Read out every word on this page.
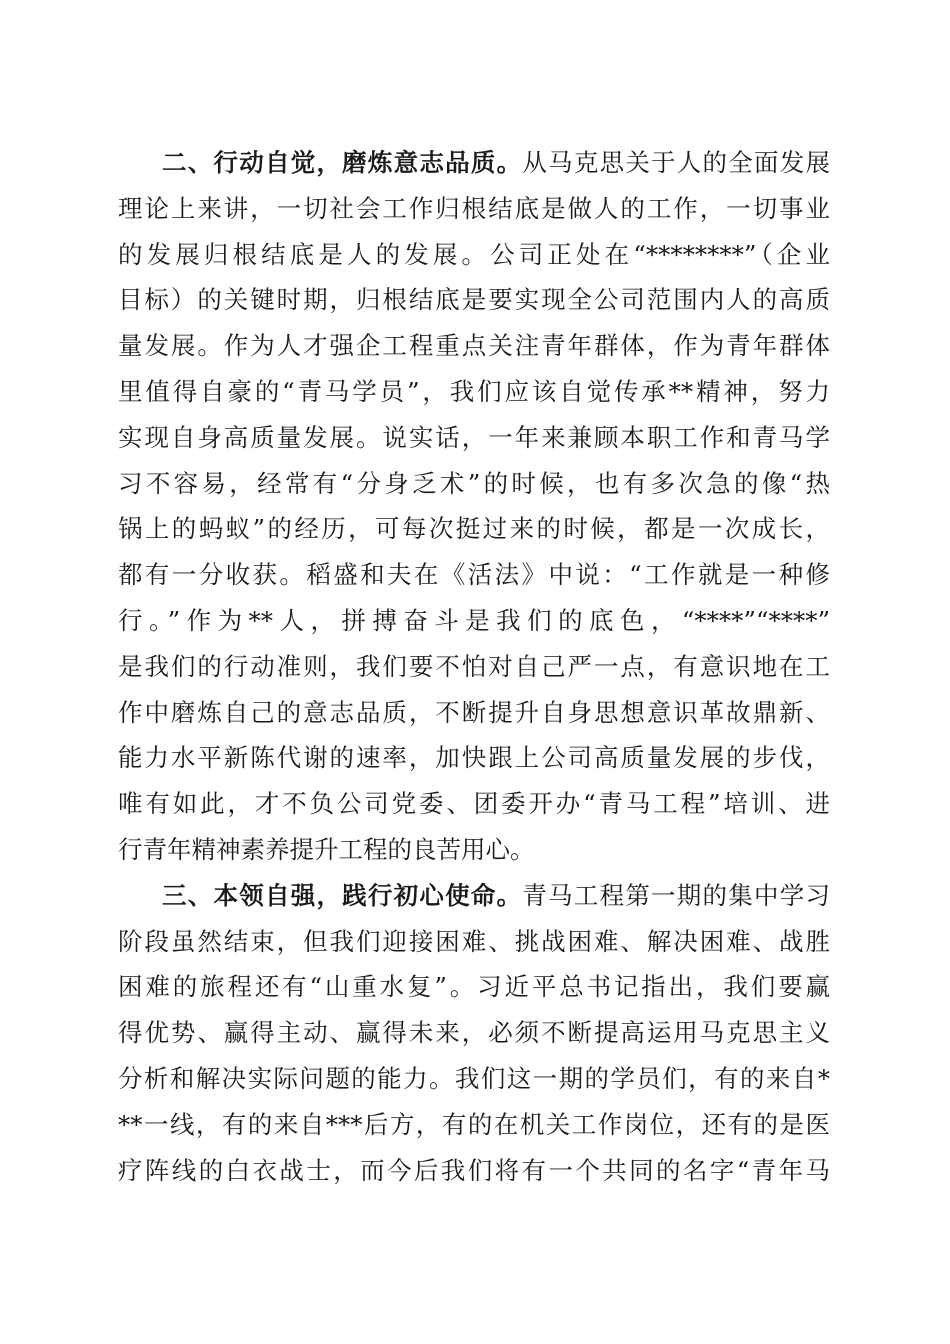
二、行动自觉，磨炼意志品质。从马克思关于人的全面发展
理论上来讲，一切社会工作归根结底是做人的工作，一切事业
的发展归根结底是人的发展。公司正处在“********”（企业
目标）的关键时期，归根结底是要实现全公司范围内人的高质
量发展。作为人才强企工程重点关注青年群体，作为青年群体
里值得自豪的“青马学员”，我们应该自觉传承**精神，努力
实现自身高质量发展。说实话，一年来兼顾本职工作和青马学
习不容易，经常有“分身乏术”的时候，也有多次急的像“热
锅上的蚂蚁”的经历，可每次挺过来的时候，都是一次成长，
都有一分收获。稻盛和夫在《活法》中说：“工作就是一种修
行。”作为**人，拼搏奋斗是我们的底色，“****”“****”
是我们的行动准则，我们要不怕对自己严一点，有意识地在工
作中磨炼自己的意志品质，不断提升自身思想意识革故鼎新、
能力水平新陈代谢的速率，加快跟上公司高质量发展的步伐，
唯有如此，才不负公司党委、团委开办“青马工程”培训、进
行青年精神素养提升工程的良苦用心。
三、本领自强，践行初心使命。青马工程第一期的集中学习
阶段虽然结束，但我们迎接困难、挑战困难、解决困难、战胜
困难的旅程还有“山重水复”。习近平总书记指出，我们要赢
得优势、赢得主动、赢得未来，必须不断提高运用马克思主义
分析和解决实际问题的能力。我们这一期的学员们，有的来自*
**一线，有的来自***后方，有的在机关工作岗位，还有的是医
疗阵线的白衣战士，而今后我们将有一个共同的名字“青年马
